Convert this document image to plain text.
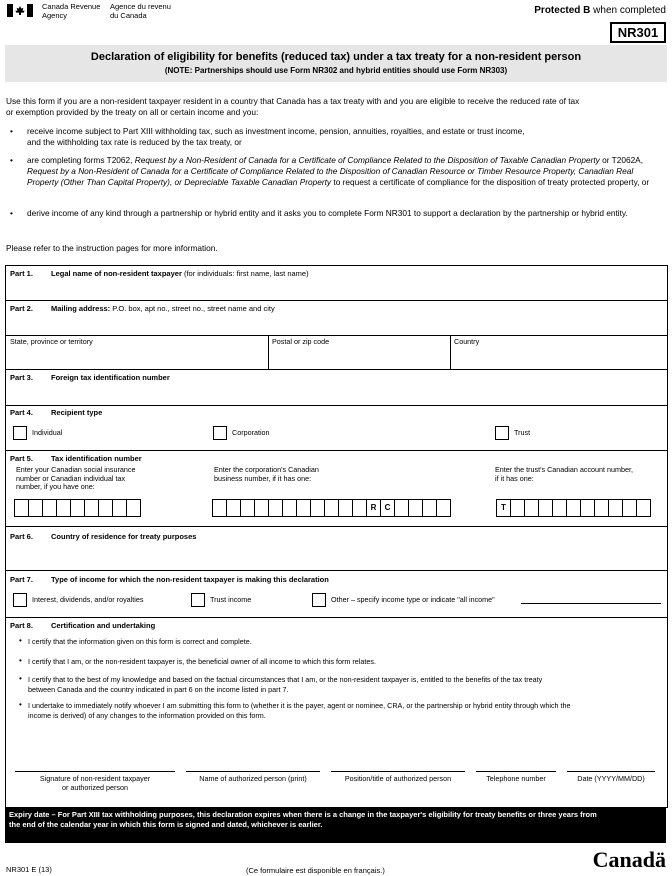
Canada Revenue
Agency
Agence du revenu
du Canada	Protected B when completed
NR301
Declaration of eligibility for benefits (reduced tax) under a tax treaty for a non-resident person
(NOTE: Partnerships should use Form NR302 and hybrid entities should use Form NR303)
Use this form if you are a non-resident taxpayer resident in a country that Canada has a tax treaty with and you are eligible to receive the reduced rate of tax
or exemption provided by the treaty on all or certain income and you:
• receive income subject to Part XIII withholding tax, such as investment income, pension, annuities, royalties, and estate or trust income,
and the withholding tax rate is reduced by the tax treaty, or
• are completing forms T2062, Request by a Non-Resident of Canada for a Certificate of Compliance Related to the Disposition of Taxable Canadian Property or T2062A, Request by a Non-Resident of Canada for a Certificate of Compliance Related to the Disposition of Canadian Resource or Timber Resource Property, Canadian Real Property (Other Than Capital Property), or Depreciable Taxable Canadian Property to request a certificate of compliance for the disposition of treaty protected property, or
• derive income of any kind through a partnership or hybrid entity and it asks you to complete Form NR301 to support a declaration by the partnership or hybrid entity.
Please refer to the instruction pages for more information.
Part 1. Legal name of non-resident taxpayer (for individuals: first name, last name)
Part 2. Mailing address: P.O. box, apt no., street no., street name and city
State, province or territory	Postal or zip code	Country
Part 3. Foreign tax identification number
Part 4. Recipient type
Individual	Corporation	Trust
Part 5. Tax identification number
Enter your Canadian social insurance
number or Canadian individual tax
number, if you have one:
Enter the corporation's Canadian
business number, if it has one:
Enter the trust's Canadian account number,
if it has one:
R	C	T
Part 6. Country of residence for treaty purposes
Part 7. Type of income for which the non-resident taxpayer is making this declaration
Interest, dividends, and/or royalties	Trust income	Other – specify income type or indicate "all income"
Part 8. Certification and undertaking
• I certify that the information given on this form is correct and complete.
• I certify that I am, or the non-resident taxpayer is, the beneficial owner of all income to which this form relates.
• I certify that to the best of my knowledge and based on the factual circumstances that I am, or the non-resident taxpayer is, entitled to the benefits of the tax treaty
between Canada and the country indicated in part 6 on the income listed in part 7.
• I undertake to immediately notify whoever I am submitting this form to (whether it is the payer, agent or nominee, CRA, or the partnership or hybrid entity through which the
income is derived) of any changes to the information provided on this form.
Signature of non-resident taxpayer
or authorized person
Name of authorized person (print)	Position/title of authorized person	Telephone number	Date (YYYY/MM/DD)
Expiry date – For Part XIII tax withholding purposes, this declaration expires when there is a change in the taxpayer's eligibility for treaty benefits or three years from
the end of the calendar year in which this form is signed and dated, whichever is earlier.
NR301 E (13)	(Ce formulaire est disponible en français.)	Canadä
